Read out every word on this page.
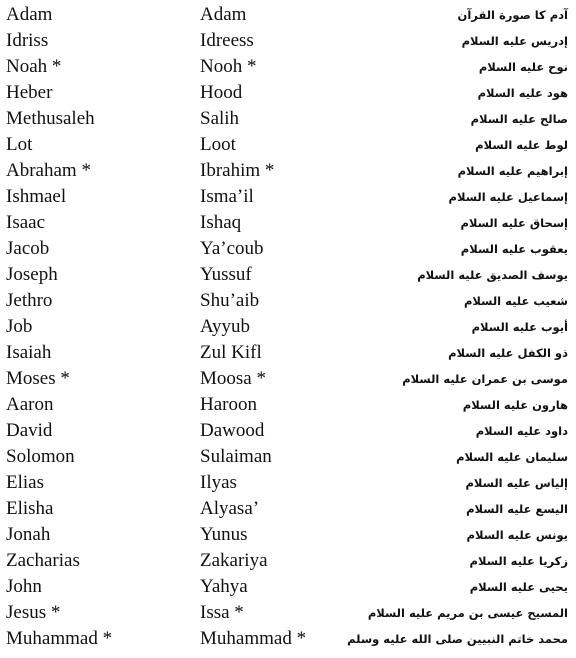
Adam	Adam	آدم كا صورة القرآن
Idriss	Idreess	إدريس عليه السلام
Noah *	Nooh *	نوح عليه السلام
Heber	Hood	هود عليه السلام
Methusaleh	Salih	صالح عليه السلام
Lot	Loot	لوط عليه السلام
Abraham *	Ibrahim *	إبراهيم عليه السلام
Ishmael	Isma’il	إسماعيل عليه السلام
Isaac	Ishaq	إسحاق عليه السلام
Jacob	Ya’coub	يعقوب عليه السلام
Joseph	Yussuf	يوسف الصديق عليه السلام
Jethro	Shu’aib	شعيب عليه السلام
Job	Ayyub	أيوب عليه السلام
Isaiah	Zul Kifl	ذو الكفل عليه السلام
Moses *	Moosa *	موسى بن عمران عليه السلام
Aaron	Haroon	هارون عليه السلام
David	Dawood	داود عليه السلام
Solomon	Sulaiman	سليمان عليه السلام
Elias	Ilyas	إلياس عليه السلام
Elisha	Alyasa’	اليسع عليه السلام
Jonah	Yunus	يونس عليه السلام
Zacharias	Zakariya	زكريا عليه السلام
John	Yahya	يحيى عليه السلام
Jesus *	Issa *	المسيح عيسى بن مريم عليه السلام
Muhammad *	Muhammad *	محمد خاتم النبيين صلى الله عليه وسلم
